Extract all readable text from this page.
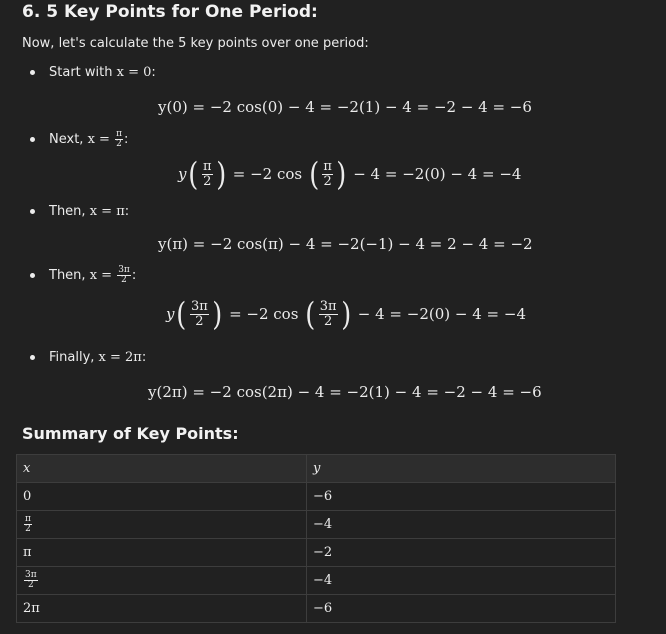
6. 5 Key Points for One Period:
Now, let's calculate the 5 key points over one period:
Start with
x = 0 :
y(0) = −2 cos(0) − 4 = −2(1) − 4 = −2 − 4 = −6
Next,
x =
$\frac{\pi}{2}$ :
y ( $\frac{\pi}{2}$ )
= −2 cos
( $\frac{\pi}{2}$ )
− 4 = −2(0) − 4 = −4
Then,
x = π :
y(π) = −2 cos(π) − 4 = −2(−1) − 4 = 2 − 4 = −2
Then,
x =
$\frac{3\pi}{2}$ :
y ( $\frac{3\pi}{2}$ )
= −2 cos
( $\frac{3\pi}{2}$ )
− 4 = −2(0) − 4 = −4
Finally,
x = 2π :
y(2π) = −2 cos(2π) − 4 = −2(1) − 4 = −2 − 4 = −6
Summary of Key Points:
x	y
0	−6

$\frac{\pi}{2}$	−4
π	−2

$\frac{3\pi}{2}$	−4
2π	−6
